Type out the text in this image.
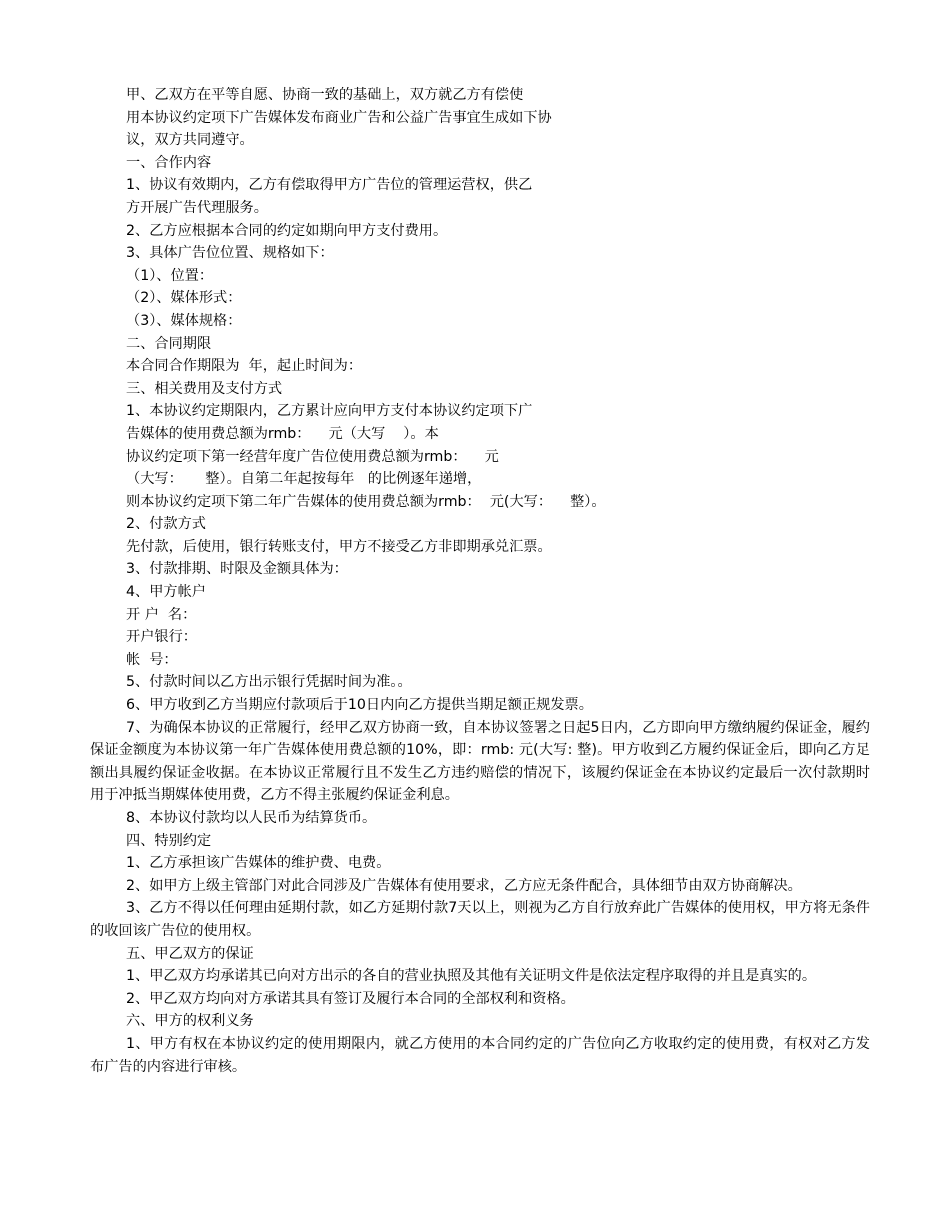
甲、乙双方在平等自愿、协商一致的基础上，双方就乙方有偿使

用本协议约定项下广告媒体发布商业广告和公益广告事宜生成如下协

议，双方共同遵守。

一、合作内容

1、协议有效期内，乙方有偿取得甲方广告位的管理运营权，供乙

方开展广告代理服务。

2、乙方应根据本合同的约定如期向甲方支付费用。

3、具体广告位位置、规格如下：

（1）、位置：

（2）、媒体形式：

（3）、媒体规格：

二、合同期限

本合同合作期限为  年，起止时间为：

三、相关费用及支付方式

1、本协议约定期限内，乙方累计应向甲方支付本协议约定项下广

告媒体的使用费总额为rmb：    元（大写    ）。本

协议约定项下第一经营年度广告位使用费总额为rmb：    元

（大写：     整）。自第二年起按每年   的比例逐年递增，

则本协议约定项下第二年广告媒体的使用费总额为rmb：  元(大写：    整）。

2、付款方式

先付款，后使用，银行转账支付，甲方不接受乙方非即期承兑汇票。

3、付款排期、时限及金额具体为：

4、甲方帐户

开 户  名：

开户银行：

帐  号：

5、付款时间以乙方出示银行凭据时间为准。。

6、甲方收到乙方当期应付款项后于10日内向乙方提供当期足额正规发票。

7、为确保本协议的正常履行，经甲乙双方协商一致，自本协议签署之日起5日内，乙方即向甲方缴纳履约保证金，履约保证金额度为本协议第一年广告媒体使用费总额的10%，即：rmb: 元(大写: 整)。甲方收到乙方履约保证金后，即向乙方足额出具履约保证金收据。在本协议正常履行且不发生乙方违约赔偿的情况下，该履约保证金在本协议约定最后一次付款期时用于冲抵当期媒体使用费，乙方不得主张履约保证金利息。

8、本协议付款均以人民币为结算货币。

四、特别约定

1、乙方承担该广告媒体的维护费、电费。

2、如甲方上级主管部门对此合同涉及广告媒体有使用要求，乙方应无条件配合，具体细节由双方协商解决。

3、乙方不得以任何理由延期付款，如乙方延期付款7天以上，则视为乙方自行放弃此广告媒体的使用权，甲方将无条件的收回该广告位的使用权。

五、甲乙双方的保证

1、甲乙双方均承诺其已向对方出示的各自的营业执照及其他有关证明文件是依法定程序取得的并且是真实的。

2、甲乙双方均向对方承诺其具有签订及履行本合同的全部权利和资格。

六、甲方的权利义务

1、甲方有权在本协议约定的使用期限内，就乙方使用的本合同约定的广告位向乙方收取约定的使用费，有权对乙方发布广告的内容进行审核。
